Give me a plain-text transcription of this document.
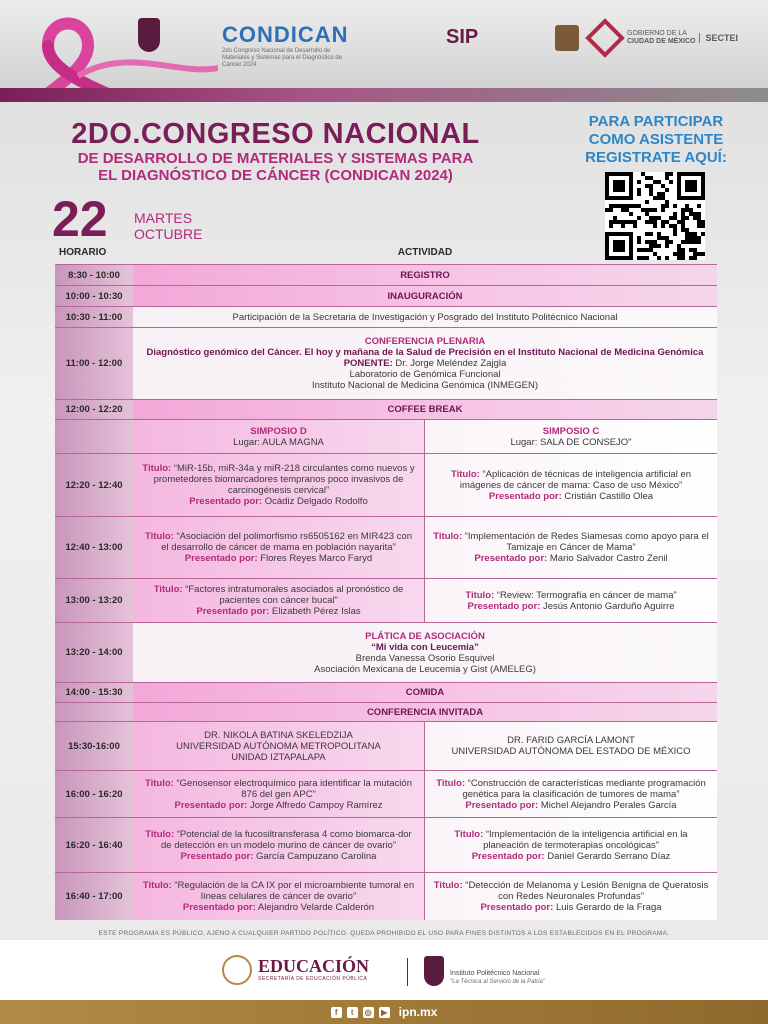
CONDICAN
2do Congreso Nacional de Desarrollo de Materiales y Sistemas para el Diagnóstico de Cáncer 2024
SIP	GOBIERNO DE LA
CIUDAD DE MÉXICO	SECTEI
2DO.CONGRESO NACIONAL
DE DESARROLLO DE MATERIALES Y SISTEMAS PARA
EL DIAGNÓSTICO DE CÁNCER (CONDICAN 2024)
22 MARTES
OCTUBRE
PARA PARTICIPAR
COMO ASISTENTE
REGISTRATE AQUÍ:
HORARIO	ACTIVIDAD
8:30 - 10:00	REGISTRO
10:00 - 10:30	INAUGURACIÓN
10:30 - 11:00	Participación de la Secretaria de Investigación y Posgrado del Instituto Politécnico Nacional
11:00 - 12:00
CONFERENCIA PLENARIA
Diagnóstico genómico del Cáncer. El hoy y mañana de la Salud de Precisión en el Instituto Nacional de Medicina Genómica
PONENTE: Dr. Jorge Meléndez Zajgla
Laboratorio de Genómica Funcional
Instituto Nacional de Medicina Genómica (INMEGEN)
12:00 - 12:20	COFFEE BREAK
SIMPOSIO D
Lugar: AULA MAGNA
SIMPOSIO C
Lugar: SALA DE CONSEJO"
12:20 - 12:40
Titulo: “MiR-15b, miR-34a y miR-218 circulantes como nuevos y prometedores biomarcadores tempranos poco invasivos de carcinogénesis cervical”
Presentado por: Ocádiz Delgado Rodolfo
Titulo: “Aplicación de técnicas de inteligencia artificial en imágenes de cáncer de mama: Caso de uso México”
Presentado por: Cristián Castillo Olea
12:40 - 13:00
Titulo: “Asociación del polimorfismo rs6505162 en MIR423 con el desarrollo de cáncer de mama en población nayarita”
Presentado por: Flores Reyes Marco Faryd
Titulo: “Implementación de Redes Siamesas como apoyo para el Tamizaje en Cáncer de Mama”
Presentado por: Mario Salvador Castro Zenil
13:00 - 13:20
Titulo: “Factores intratumorales asociados al pronóstico de pacientes con cáncer bucal”
Presentado por: Elizabeth Pérez Islas
Titulo: “Review: Termografía en cáncer de mama”
Presentado por: Jesús Antonio Garduño Aguirre
13:20 - 14:00
PLÁTICA DE ASOCIACIÓN
“Mi vida con Leucemia”
Brenda Vanessa Osorio Esquivel
Asociación Mexicana de Leucemia y Gist (AMELEG)
14:00 - 15:30	COMIDA
CONFERENCIA INVITADA
15:30-16:00
DR. NIKOLA BATINA SKELEDZIJA
UNIVERSIDAD AUTÓNOMA METROPOLITANA
UNIDAD IZTAPALAPA
DR. FARID GARCÍA LAMONT
UNIVERSIDAD AUTÓNOMA DEL ESTADO DE MÉXICO
16:00 - 16:20
Titulo: “Genosensor electroquímico para identificar la mutación 876 del gen APC”
Presentado por: Jorge Alfredo Campoy Ramírez
Titulo: “Construcción de características mediante programación genética para la clasificación de tumores de mama”
Presentado por: Michel Alejandro Perales García
16:20 - 16:40
Titulo: “Potencial de la fucosiltransferasa 4 como biomarca-dor de detección en un modelo murino de cáncer de ovario”
Presentado por: García Campuzano Carolina
Titulo: “Implementación de la inteligencia artificial en la planeación de termoterapias oncológicas”
Presentado por: Daniel Gerardo Serrano Díaz
16:40 - 17:00
Titulo: “Regulación de la CA IX por el microambiente tumoral en líneas celulares de cáncer de ovario”
Presentado por: Alejandro Velarde Calderón
Titulo: “Detección de Melanoma y Lesión Benigna de Queratosis con Redes Neuronales Profundas”
Presentado por: Luis Gerardo de la Fraga
ESTE PROGRAMA ES PÚBLICO, AJENO A CUALQUIER PARTIDO POLÍTICO. QUEDA PROHIBIDO EL USO PARA FINES DISTINTOS A LOS ESTABLECIDOS EN EL PROGRAMA.
EDUCACIÓN
SECRETARÍA DE EDUCACIÓN PÚBLICA
Instituto Politécnico Nacional
"La Técnica al Servicio de la Patria"
f	t	◎	▶ ipn.mx
